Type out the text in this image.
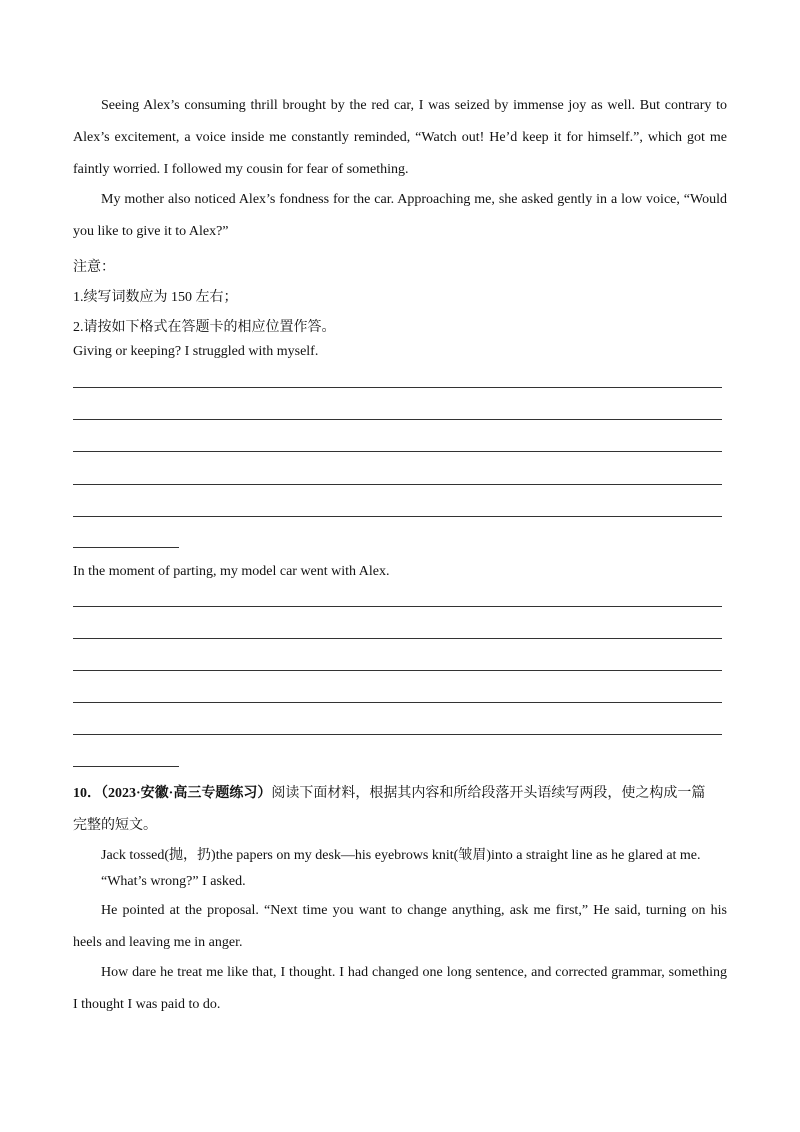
Seeing Alex’s consuming thrill brought by the red car, I was seized by immense joy as well. But contrary to
Alex’s excitement, a voice inside me constantly reminded, “Watch out! He’d keep it for himself.”, which got me
faintly worried. I followed my cousin for fear of something.
My mother also noticed Alex’s fondness for the car. Approaching me, she asked gently in a low voice, “Would
you like to give it to Alex?”
注意：
1.续写词数应为 150 左右；
2.请按如下格式在答题卡的相应位置作答。
Giving or keeping? I struggled with myself.
In the moment of parting, my model car went with Alex.
10．（2023·安徽·高三专题练习）阅读下面材料，根据其内容和所给段落开头语续写两段，使之构成一篇
完整的短文。
Jack tossed(抛，扔)the papers on my desk—his eyebrows knit(皱眉)into a straight line as he glared at me.
“What’s wrong?” I asked.
He pointed at the proposal. “Next time you want to change anything, ask me first,” He said, turning on his
heels and leaving me in anger.
How dare he treat me like that, I thought. I had changed one long sentence, and corrected grammar, something
I thought I was paid to do.
